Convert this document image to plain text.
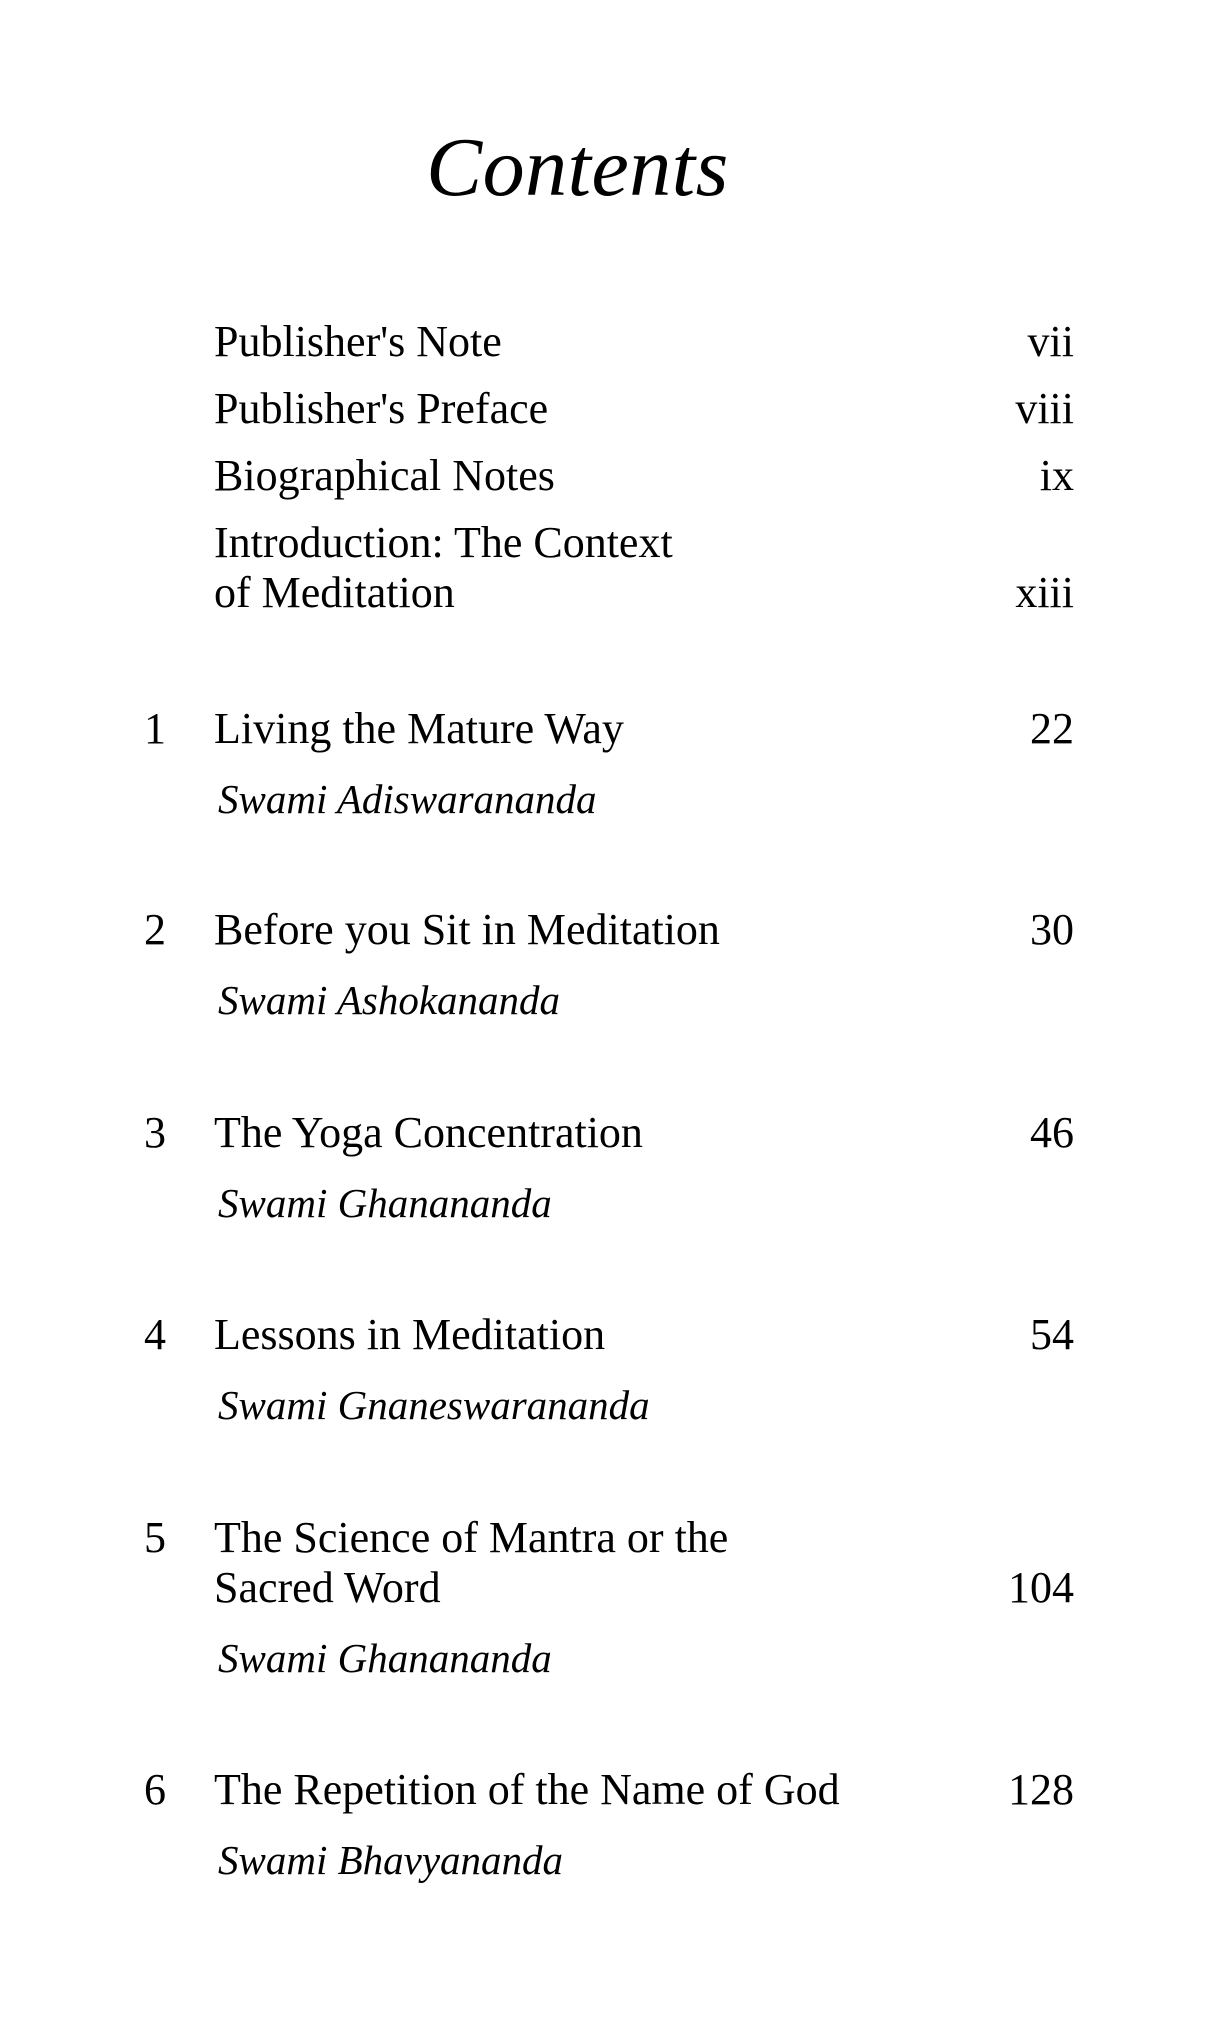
Contents
Publisher's Note	vii
Publisher's Preface	viii
Biographical Notes	ix
Introduction: The Context
of Meditation	xiii
1 Living the Mature Way	22
Swami Adiswarananda
2 Before you Sit in Meditation	30
Swami Ashokananda
3 The Yoga Concentration	46
Swami Ghanananda
4 Lessons in Meditation	54
Swami Gnaneswarananda
5 The Science of Mantra or the
Sacred Word	104
Swami Ghanananda
6 The Repetition of the Name of God	128
Swami Bhavyananda
